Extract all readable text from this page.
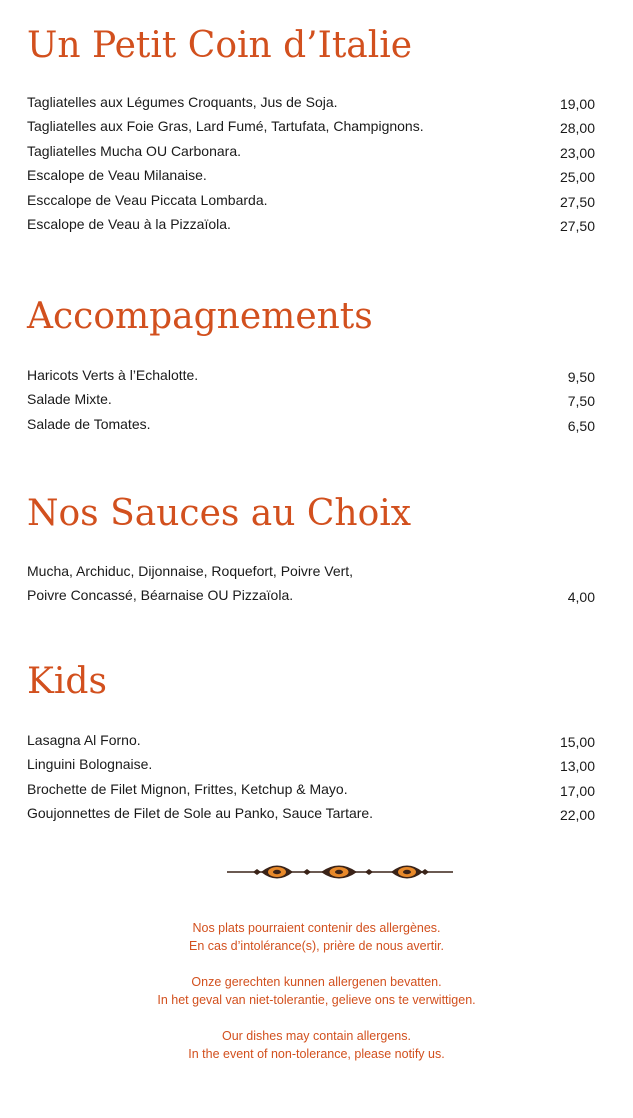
Un Petit Coin d’Italie
Tagliatelles aux Légumes Croquants, Jus de Soja.	19,00
Tagliatelles aux Foie Gras, Lard Fumé, Tartufata, Champignons.	28,00
Tagliatelles Mucha OU Carbonara.	23,00
Escalope de Veau Milanaise.	25,00
Esccalope de Veau Piccata Lombarda.	27,50
Escalope de Veau à la Pizzaïola.	27,50
Accompagnements
Haricots Verts à l’Echalotte.	9,50
Salade Mixte.	7,50
Salade de Tomates.	6,50
Nos Sauces au Choix
Mucha, Archiduc, Dijonnaise, Roquefort, Poivre Vert,
Poivre Concassé, Béarnaise OU Pizzaïola.	4,00
Kids
Lasagna Al Forno.	15,00
Linguini Bolognaise.	13,00
Brochette de Filet Mignon, Frittes, Ketchup & Mayo.	17,00
Goujonnettes de Filet de Sole au Panko, Sauce Tartare.	22,00

Nos plats pourraient contenir des allergènes.

En cas d’intolérance(s), prière de nous avertir.

Onze gerechten kunnen allergenen bevatten.

In het geval van niet-tolerantie, gelieve ons te verwittigen.

Our dishes may contain allergens.

In the event of non-tolerance, please notify us.
